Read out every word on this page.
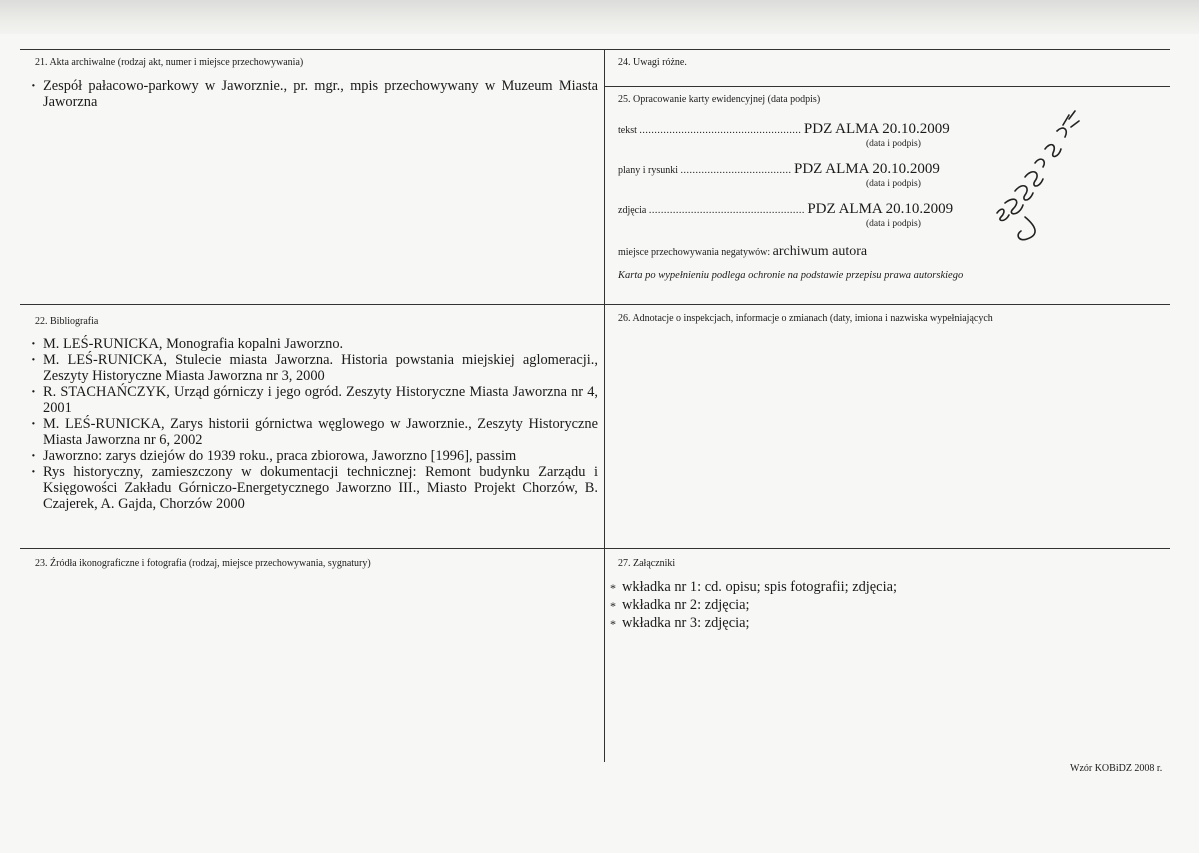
21. Akta archiwalne (rodzaj akt, numer i miejsce przechowywania)
· Zespół pałacowo-parkowy w Jaworznie., pr. mgr., mpis przechowywany w Muzeum Miasta Jaworzna
24. Uwagi różne.
25. Opracowanie karty ewidencyjnej (data podpis)
tekst ...................................................... PDZ ALMA 20.10.2009
(data i podpis)
plany i rysunki ..................................... PDZ ALMA 20.10.2009
(data i podpis)
zdjęcia .................................................... PDZ ALMA 20.10.2009
(data i podpis)
miejsce przechowywania negatywów: archiwum autora
Karta po wypełnieniu podlega ochronie na podstawie przepisu prawa autorskiego
22. Bibliografia
· M. LEŚ-RUNICKA, Monografia kopalni Jaworzno.
· M. LEŚ-RUNICKA, Stulecie miasta Jaworzna. Historia powstania miejskiej aglomeracji., Zeszyty Historyczne Miasta Jaworzna nr 3, 2000
· R. STACHAŃCZYK, Urząd górniczy i jego ogród. Zeszyty Historyczne Miasta Jaworzna nr 4, 2001
· M. LEŚ-RUNICKA, Zarys historii górnictwa węglowego w Jaworznie., Zeszyty Historyczne Miasta Jaworzna nr 6, 2002
· Jaworzno: zarys dziejów do 1939 roku., praca zbiorowa, Jaworzno [1996], passim
· Rys historyczny, zamieszczony w dokumentacji technicznej: Remont budynku Zarządu i Księgowości Zakładu Górniczo-Energetycznego Jaworzno III., Miasto Projekt Chorzów, B. Czajerek, A. Gajda, Chorzów 2000
26. Adnotacje o inspekcjach, informacje o zmianach (daty, imiona i nazwiska wypełniających
23. Źródła ikonograficzne i fotografia (rodzaj, miejsce przechowywania, sygnatury)	27. Załączniki
* wkładka nr 1: cd. opisu; spis fotografii; zdjęcia;
* wkładka nr 2: zdjęcia;
* wkładka nr 3: zdjęcia;
Wzór KOBiDZ 2008 r.
